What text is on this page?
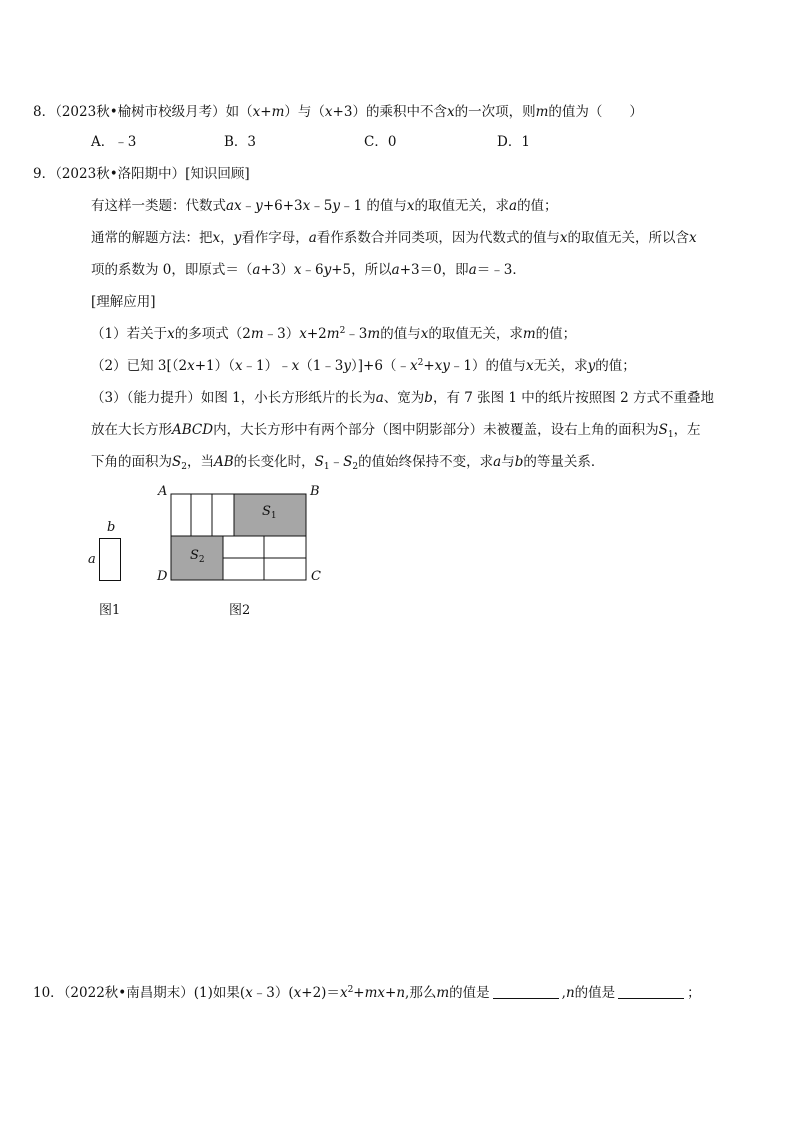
8．（2023秋•榆树市校级月考）如（x+m）与（x+3）的乘积中不含x的一次项，则m的值为（　　）
A．﹣3	B．3	C．0	D．1
9．（2023秋•洛阳期中）[知识回顾]
有这样一类题：代数式ax﹣y+6+3x﹣5y﹣1 的值与x的取值无关，求a的值；
通常的解题方法：把x，y看作字母，a看作系数合并同类项，因为代数式的值与x的取值无关，所以含x
项的系数为 0，即原式＝（a+3）x﹣6y+5，所以a+3＝0，即a＝﹣3．
[理解应用]
（1）若关于x的多项式$(2m﹣3)x+2m^2﹣3m$的值与x的取值无关，求m的值；
（2）已知 $3[(2x+1)(x﹣1)﹣x(1﹣3y)]+6(﹣x^2+xy﹣1)$的值与x无关，求y的值；
（3）（能力提升）如图 1，小长方形纸片的长为a、宽为b，有 7 张图 1 中的纸片按照图 2 方式不重叠地
放在大长方形ABCD内，大长方形中有两个部分（图中阴影部分）未被覆盖，设右上角的面积为$S_1$，左
下角的面积为$S_2$，当AB的长变化时，$S_1﹣S_2$的值始终保持不变，求a与b的等量关系．
b
a
图1
A	B
C
D
$S_1$
$S_2$
图2
10．（2022秋•南昌期末）(1)如果$(x﹣3)(x+2)=x^2+mx+n$,那么m的值是	,n的值是	；
